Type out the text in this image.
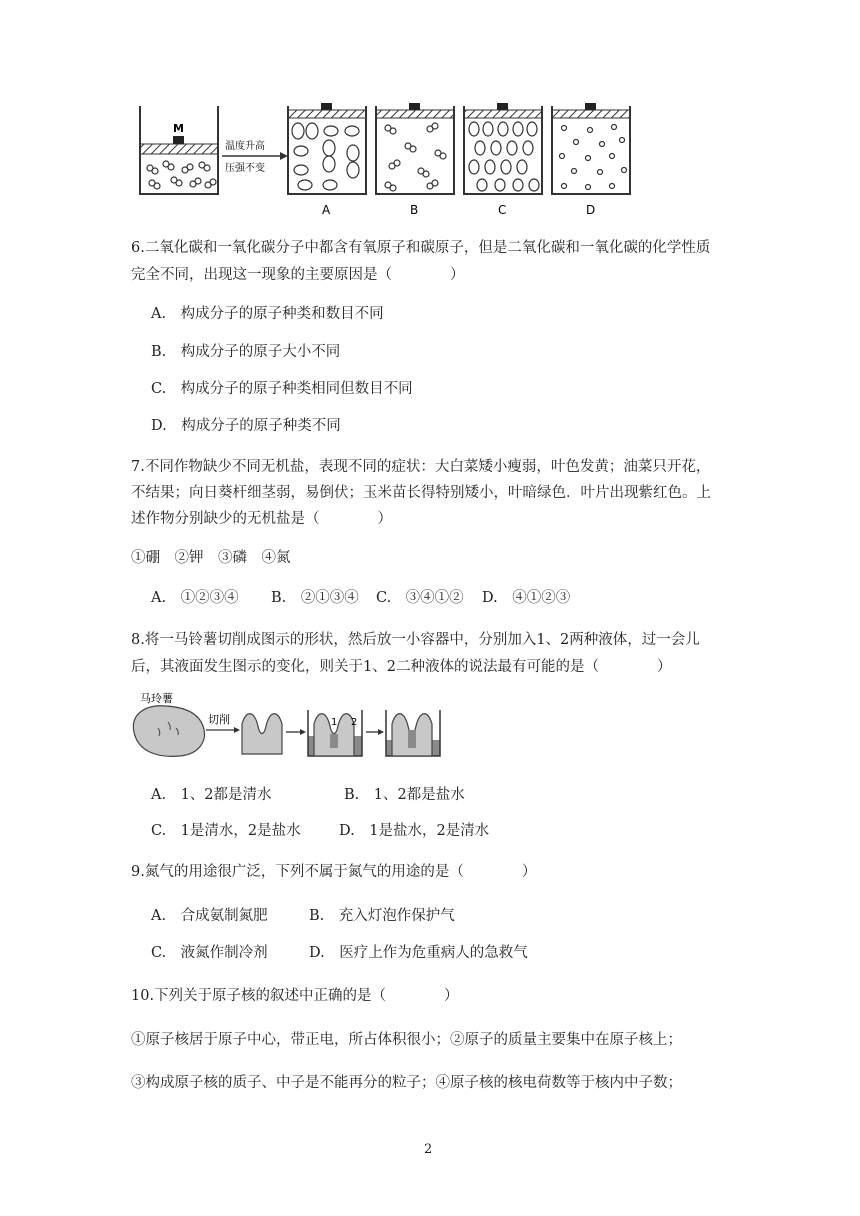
M
温度升高
压强不变
A	B	C	D
6.二氧化碳和一氧化碳分子中都含有氧原子和碳原子，但是二氧化碳和一氧化碳的化学性质
完全不同，出现这一现象的主要原因是（　　　　）
A.　构成分子的原子种类和数目不同
B.　构成分子的原子大小不同
C.　构成分子的原子种类相同但数目不同
D.　构成分子的原子种类不同
7.不同作物缺少不同无机盐，表现不同的症状：大白菜矮小瘦弱，叶色发黄；油菜只开花，
不结果；向日葵杆细茎弱，易倒伏；玉米苗长得特别矮小，叶暗绿色．叶片出现紫红色。上
述作物分别缺少的无机盐是（　　　　）
①硼　②钾　③磷　④氮
A.　①②③④ B.　②①③④ C.　③④①② D.　④①②③
8.将一马铃薯切削成图示的形状，然后放一小容器中，分别加入1、2两种液体，过一会儿
后，其液面发生图示的变化，则关于1、2二种液体的说法最有可能的是（　　　　）
马玲薯
切削	1 2
A.　1、2都是清水	B.　1、2都是盐水
C.　1是清水，2是盐水	D.　1是盐水，2是清水
9.氮气的用途很广泛，下列不属于氮气的用途的是（　　　　）
A.　合成氨制氮肥	B.　充入灯泡作保护气
C.　液氮作制冷剂	D.　医疗上作为危重病人的急救气
10.下列关于原子核的叙述中正确的是（　　　　）
①原子核居于原子中心，带正电，所占体积很小；②原子的质量主要集中在原子核上；
③构成原子核的质子、中子是不能再分的粒子；④原子核的核电荷数等于核内中子数；
2
